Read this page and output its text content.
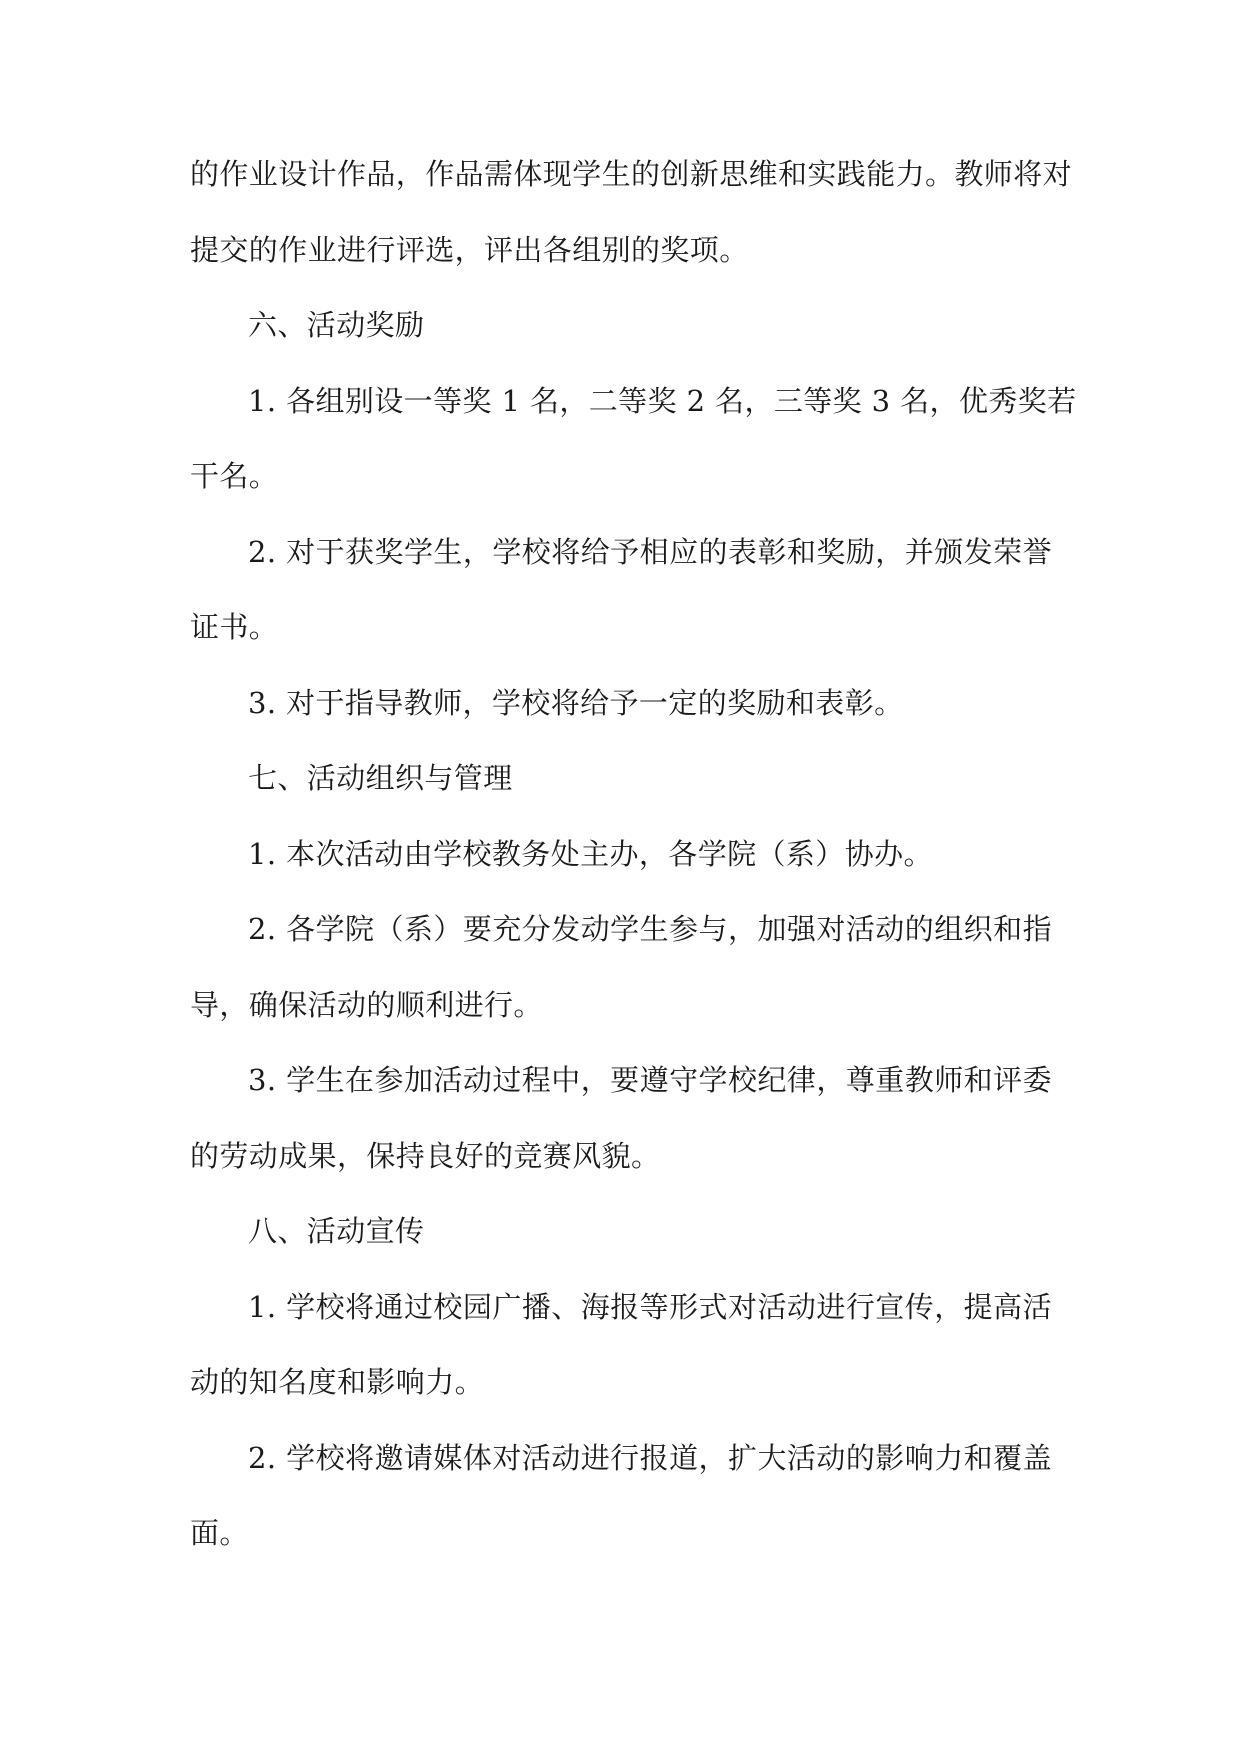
的作业设计作品，作品需体现学生的创新思维和实践能力。教师将对
提交的作业进行评选，评出各组别的奖项。
六、活动奖励
1. 各组别设一等奖 1 名，二等奖 2 名，三等奖 3 名，优秀奖若
干名。
2. 对于获奖学生，学校将给予相应的表彰和奖励，并颁发荣誉
证书。
3. 对于指导教师，学校将给予一定的奖励和表彰。
七、活动组织与管理
1. 本次活动由学校教务处主办，各学院（系）协办。
2. 各学院（系）要充分发动学生参与，加强对活动的组织和指
导，确保活动的顺利进行。
3. 学生在参加活动过程中，要遵守学校纪律，尊重教师和评委
的劳动成果，保持良好的竞赛风貌。
八、活动宣传
1. 学校将通过校园广播、海报等形式对活动进行宣传，提高活
动的知名度和影响力。
2. 学校将邀请媒体对活动进行报道，扩大活动的影响力和覆盖
面。
